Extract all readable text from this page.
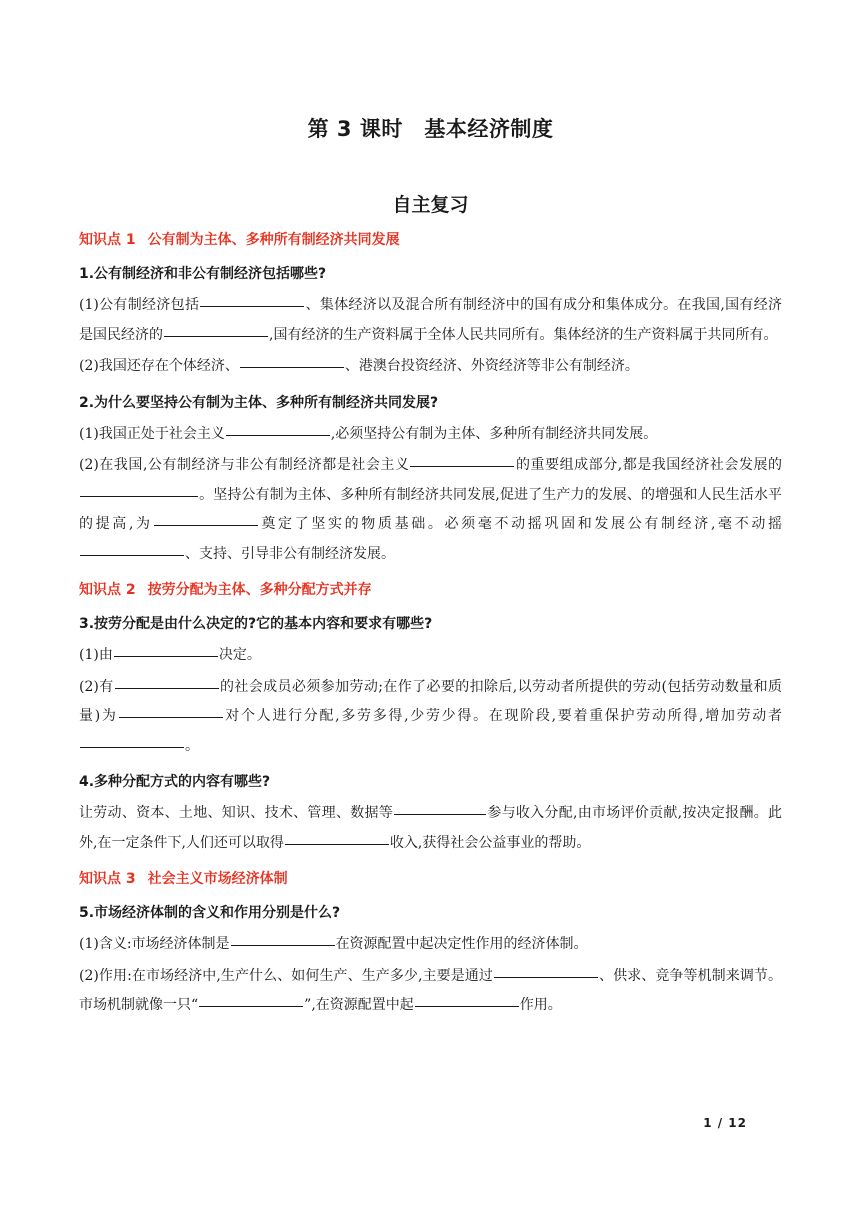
第 3 课时　基本经济制度
自主复习
知识点 1 公有制为主体、多种所有制经济共同发展
1.公有制经济和非公有制经济包括哪些?
(1)公有制经济包括	、集体经济以及混合所有制经济中的国有成分和集体成分。在我国,国有经济是国民经济的	,国有经济的生产资料属于全体人民共同所有。集体经济的生产资料属于共同所有。
(2)我国还存在个体经济、	、港澳台投资经济、外资经济等非公有制经济。
2.为什么要坚持公有制为主体、多种所有制经济共同发展?
(1)我国正处于社会主义	,必须坚持公有制为主体、多种所有制经济共同发展。
(2)在我国,公有制经济与非公有制经济都是社会主义	的重要组成部分,都是我国经济社会发展的。坚持公有制为主体、多种所有制经济共同发展,促进了生产力的发展、的增强和人民生活水平的提高,为	奠定了坚实的物质基础。必须毫不动摇巩固和发展公有制经济,毫不动摇、支持、引导非公有制经济发展。
知识点 2 按劳分配为主体、多种分配方式并存
3.按劳分配是由什么决定的?它的基本内容和要求有哪些?
(1)由	决定。
(2)有	的社会成员必须参加劳动;在作了必要的扣除后,以劳动者所提供的劳动(包括劳动数量和质量)为	对个人进行分配,多劳多得,少劳少得。在现阶段,要着重保护劳动所得,增加劳动者。
4.多种分配方式的内容有哪些?
让劳动、资本、土地、知识、技术、管理、数据等	参与收入分配,由市场评价贡献,按决定报酬。此外,在一定条件下,人们还可以取得	收入,获得社会公益事业的帮助。
知识点 3 社会主义市场经济体制
5.市场经济体制的含义和作用分别是什么?
(1)含义:市场经济体制是	在资源配置中起决定性作用的经济体制。
(2)作用:在市场经济中,生产什么、如何生产、生产多少,主要是通过	、供求、竞争等机制来调节。市场机制就像一只“	”,在资源配置中起	作用。
1 / 12
